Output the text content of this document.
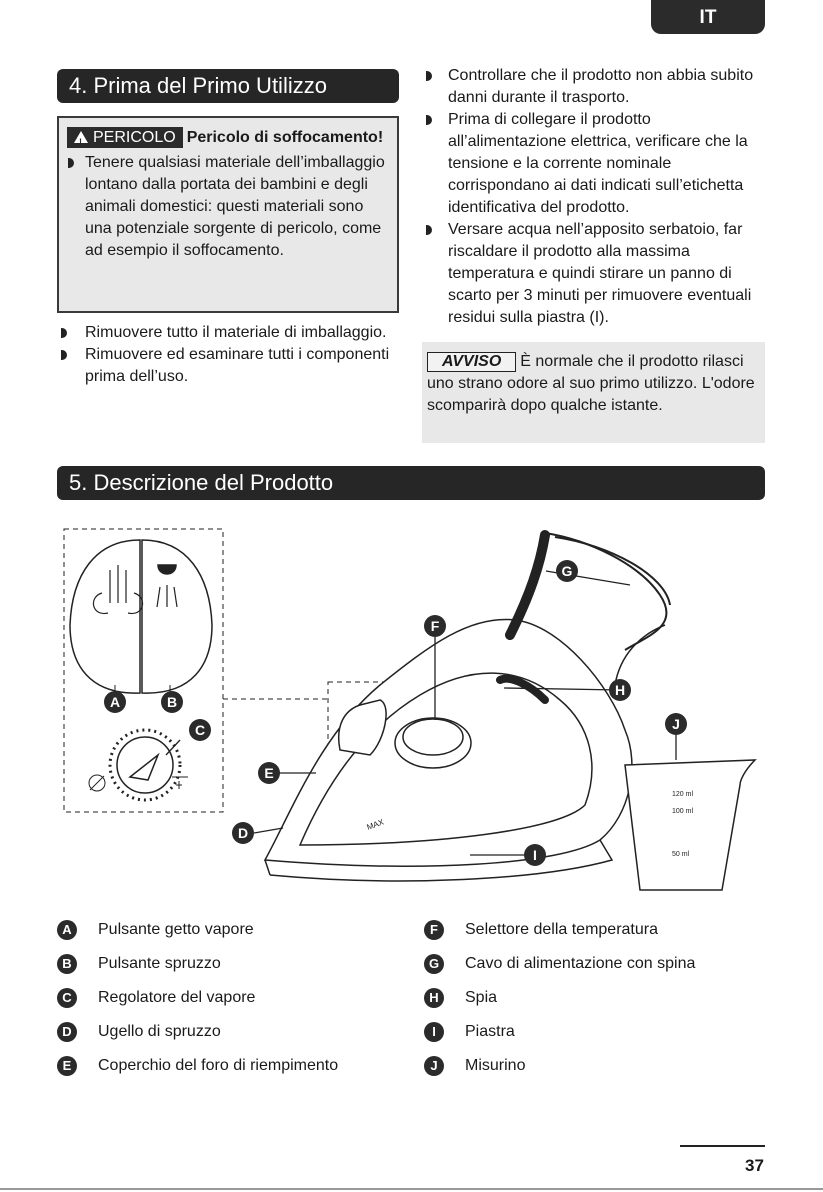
IT
4. Prima del Primo Utilizzo
!PERICOLO Pericolo di soffocamento!
Tenere qualsiasi materiale dell’imballaggio lontano dalla portata dei bambini e degli animali domestici: questi materiali sono una potenziale sorgente di pericolo, come ad esempio il soffocamento.
Rimuovere tutto il materiale di imballaggio.
Rimuovere ed esaminare tutti i componenti prima dell’uso.
Controllare che il prodotto non abbia subito danni durante il trasporto.
Prima di collegare il prodotto all’alimentazione elettrica, verificare che la tensione e la corrente nominale corrispondano ai dati indicati sull’etichetta identificativa del prodotto.
Versare acqua nell’apposito serbatoio, far riscaldare il prodotto alla massima temperatura e quindi stirare un panno di scarto per 3 minuti per rimuovere eventuali residui sulla piastra (I).
AVVISO È normale che il prodotto rilasci uno strano odore al suo primo utilizzo. L'odore scomparirà dopo qualche istante.
5. Descrizione del Prodotto
MAX
120 ml
100 ml
50 ml
A	B
C
D
E
F
G
H
I
J
A	Pulsante getto vapore
B	Pulsante spruzzo
C	Regolatore del vapore
D	Ugello di spruzzo
E	Coperchio del foro di riempimento
F	Selettore della temperatura
G	Cavo di alimentazione con spina
H	Spia
I	Piastra
J	Misurino
37
